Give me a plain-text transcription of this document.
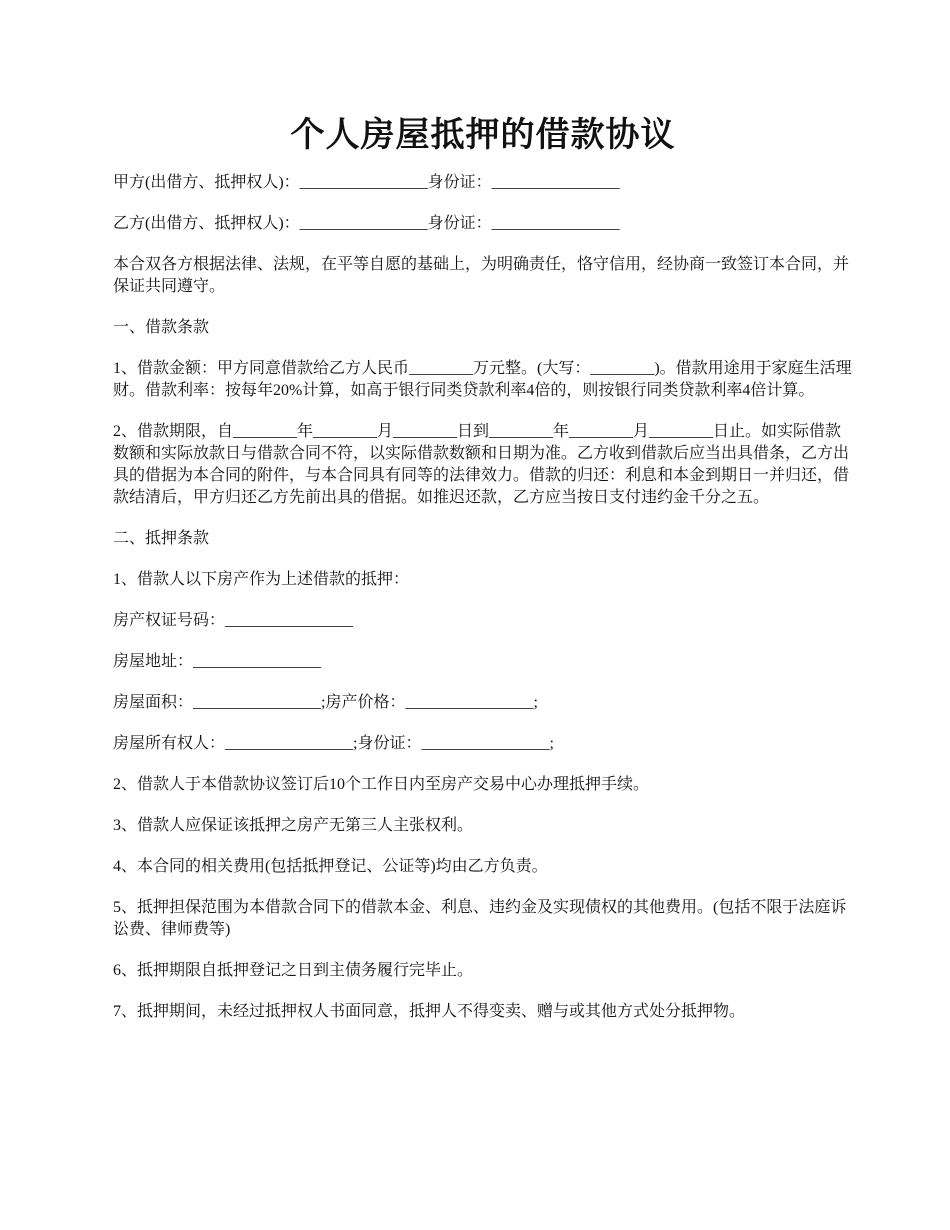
个人房屋抵押的借款协议

甲方(出借方、抵押权人)：________________身份证：________________

乙方(出借方、抵押权人)：________________身份证：________________

本合双各方根据法律、法规，在平等自愿的基础上，为明确责任，恪守信用，经协商一致签订本合同，并保证共同遵守。

一、借款条款

1、借款金额：甲方同意借款给乙方人民币________万元整。(大写：________)。借款用途用于家庭生活理财。借款利率：按每年20%计算，如高于银行同类贷款利率4倍的，则按银行同类贷款利率4倍计算。

2、借款期限，自________年________月________日到________年________月________日止。如实际借款数额和实际放款日与借款合同不符，以实际借款数额和日期为准。乙方收到借款后应当出具借条，乙方出具的借据为本合同的附件，与本合同具有同等的法律效力。借款的归还：利息和本金到期日一并归还，借款结清后，甲方归还乙方先前出具的借据。如推迟还款，乙方应当按日支付违约金千分之五。

二、抵押条款

1、借款人以下房产作为上述借款的抵押：

房产权证号码：________________

房屋地址：________________

房屋面积：________________;房产价格：________________;

房屋所有权人：________________;身份证：________________;

2、借款人于本借款协议签订后10个工作日内至房产交易中心办理抵押手续。

3、借款人应保证该抵押之房产无第三人主张权利。

4、本合同的相关费用(包括抵押登记、公证等)均由乙方负责。

5、抵押担保范围为本借款合同下的借款本金、利息、违约金及实现债权的其他费用。(包括不限于法庭诉讼费、律师费等)

6、抵押期限自抵押登记之日到主债务履行完毕止。

7、抵押期间，未经过抵押权人书面同意，抵押人不得变卖、赠与或其他方式处分抵押物。
